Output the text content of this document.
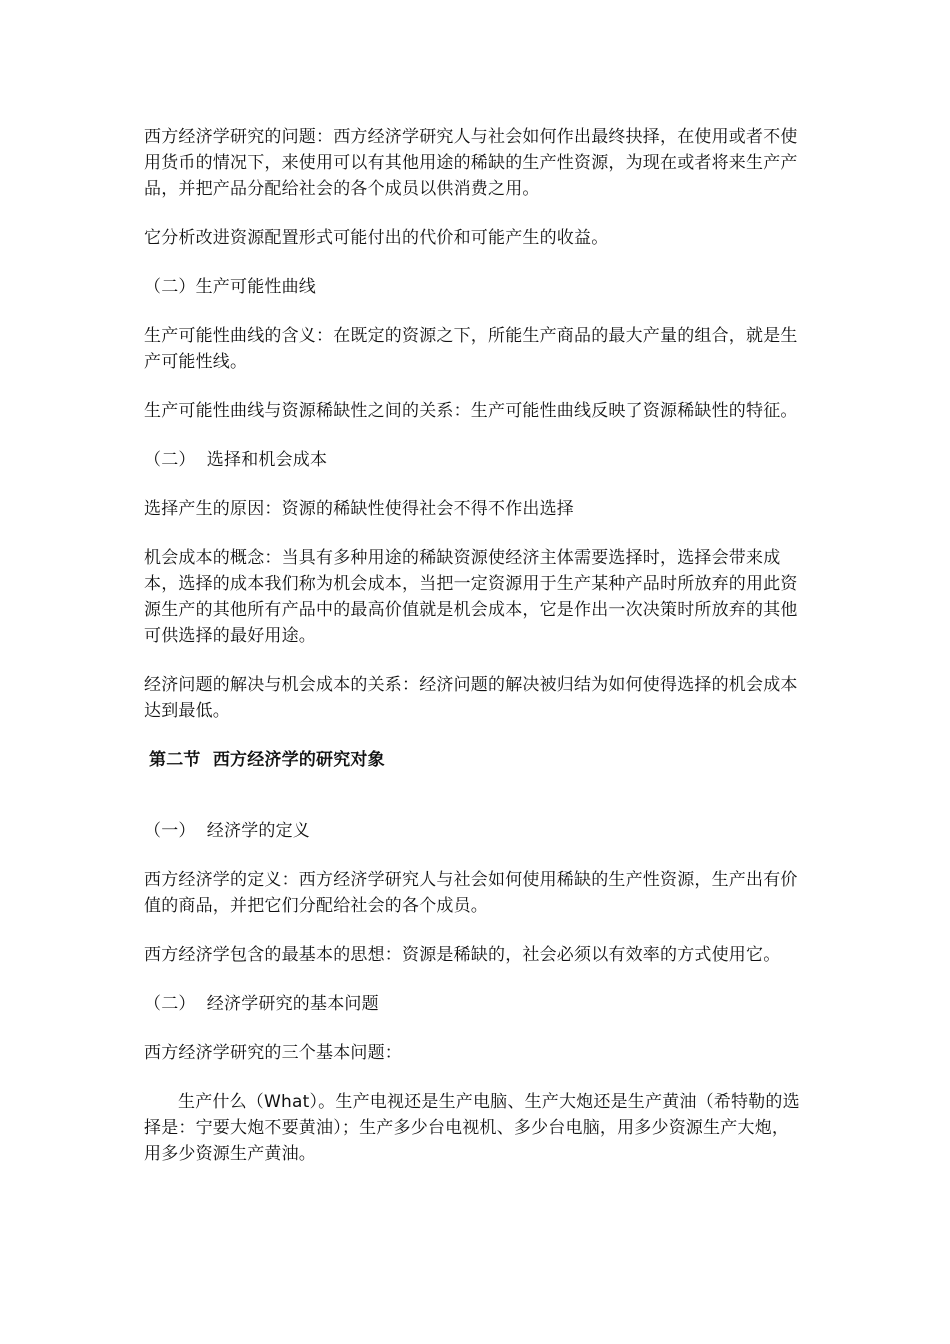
西方经济学研究的问题：西方经济学研究人与社会如何作出最终抉择，在使用或者不使用货币的情况下，来使用可以有其他用途的稀缺的生产性资源，为现在或者将来生产产品，并把产品分配给社会的各个成员以供消费之用。

它分析改进资源配置形式可能付出的代价和可能产生的收益。

（二）生产可能性曲线

生产可能性曲线的含义：在既定的资源之下，所能生产商品的最大产量的组合，就是生产可能性线。

生产可能性曲线与资源稀缺性之间的关系：生产可能性曲线反映了资源稀缺性的特征。

（二）  选择和机会成本

选择产生的原因：资源的稀缺性使得社会不得不作出选择

机会成本的概念：当具有多种用途的稀缺资源使经济主体需要选择时，选择会带来成本，选择的成本我们称为机会成本，当把一定资源用于生产某种产品时所放弃的用此资源生产的其他所有产品中的最高价值就是机会成本，它是作出一次决策时所放弃的其他可供选择的最好用途。

经济问题的解决与机会成本的关系：经济问题的解决被归结为如何使得选择的机会成本达到最低。

第二节  西方经济学的研究对象

（一）  经济学的定义

西方经济学的定义：西方经济学研究人与社会如何使用稀缺的生产性资源，生产出有价值的商品，并把它们分配给社会的各个成员。

西方经济学包含的最基本的思想：资源是稀缺的，社会必须以有效率的方式使用它。

（二）  经济学研究的基本问题

西方经济学研究的三个基本问题：

生产什么（What）。生产电视还是生产电脑、生产大炮还是生产黄油（希特勒的选择是：宁要大炮不要黄油）；生产多少台电视机、多少台电脑，用多少资源生产大炮，用多少资源生产黄油。
